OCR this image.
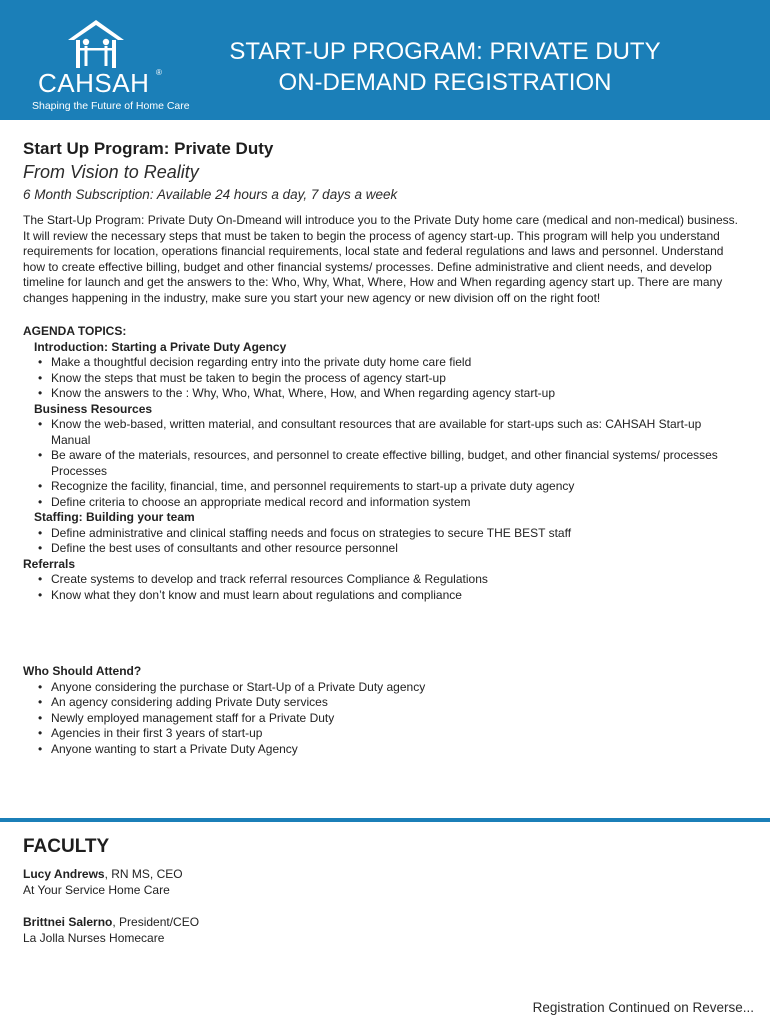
CAHSAH ®
Shaping the Future of Home Care
START-UP PROGRAM: PRIVATE DUTY
ON-DEMAND REGISTRATION
Start Up Program: Private Duty
From Vision to Reality
6 Month Subscription: Available 24 hours a day, 7 days a week

The Start-Up Program: Private Duty On-Dmeand will introduce you to the Private Duty home care (medical and non-medical) business. It will review the necessary steps that must be taken to begin the process of agency start-up. This program will help you understand requirements for location, operations financial requirements, local state and federal regulations and laws and personnel. Understand how to create effective billing, budget and other financial systems/ processes. Define administrative and client needs, and develop timeline for launch and get the answers to the: Who, Why, What, Where, How and When regarding agency start up. There are many changes happening in the industry, make sure you start your new agency or new division off on the right foot!

AGENDA TOPICS:
Introduction: Starting a Private Duty Agency
• Make a thoughtful decision regarding entry into the private duty home care field
• Know the steps that must be taken to begin the process of agency start-up
• Know the answers to the : Why, Who, What, Where, How, and When regarding agency start-up
Business Resources
• Know the web-based, written material, and consultant resources that are available for start-ups such as: CAHSAH Start-up Manual
• Be aware of the materials, resources, and personnel to create effective billing, budget, and other financial systems/ processes Processes
• Recognize the facility, financial, time, and personnel requirements to start-up a private duty agency
• Define criteria to choose an appropriate medical record and information system
Staffing: Building your team
• Define administrative and clinical staffing needs and focus on strategies to secure THE BEST staff
• Define the best uses of consultants and other resource personnel
Referrals
• Create systems to develop and track referral resources Compliance & Regulations
• Know what they don’t know and must learn about regulations and compliance
Who Should Attend?
• Anyone considering the purchase or Start-Up of a Private Duty agency
• An agency considering adding Private Duty services
• Newly employed management staff for a Private Duty
• Agencies in their first 3 years of start-up
• Anyone wanting to start a Private Duty Agency
FACULTY
Lucy Andrews, RN MS, CEO
At Your Service Home Care
Brittnei Salerno, President/CEO
La Jolla Nurses Homecare
Registration Continued on Reverse...
